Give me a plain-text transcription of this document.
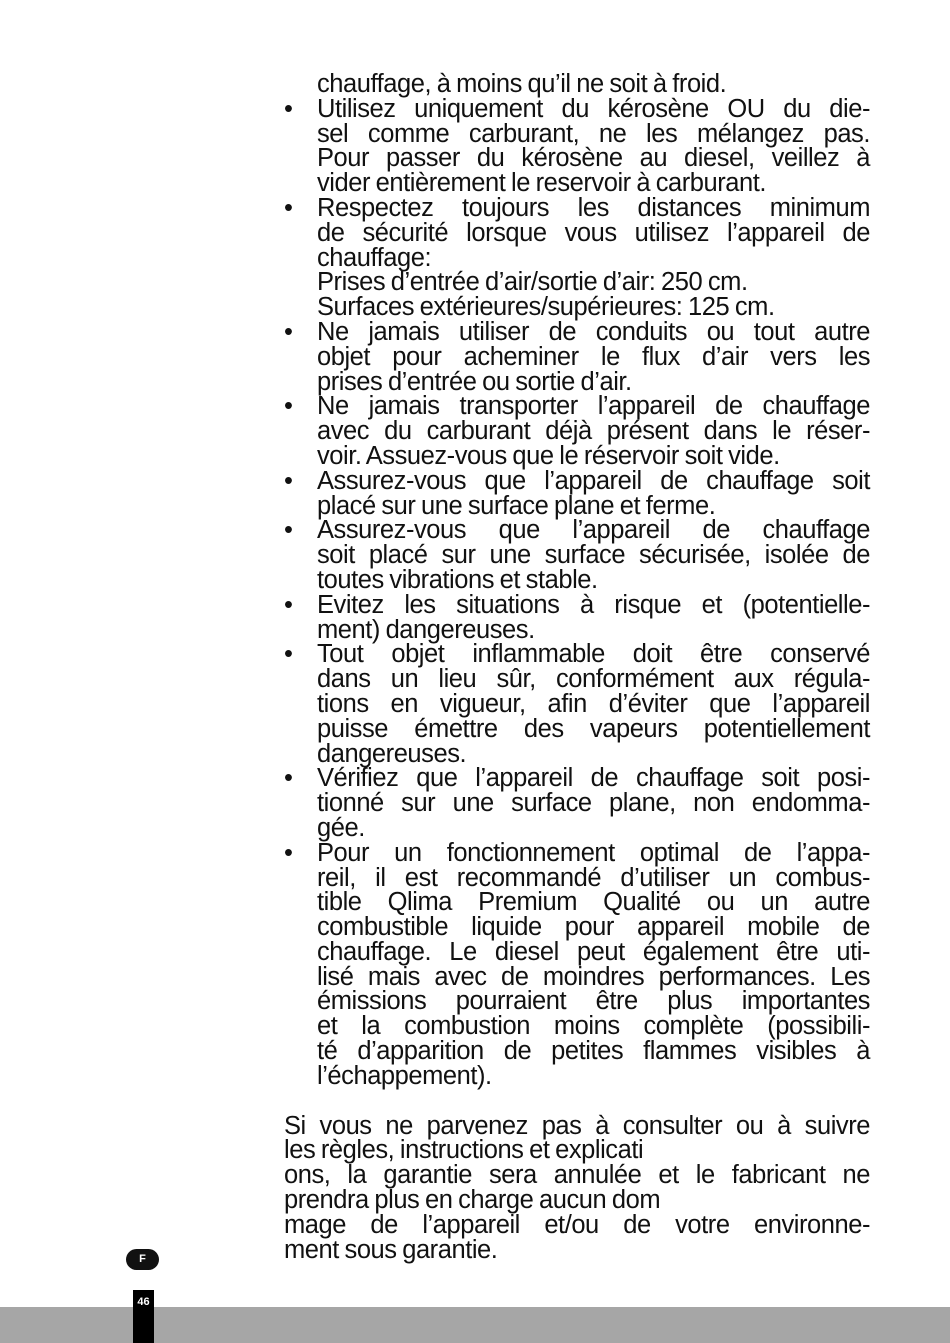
chauffage, à moins qu’il ne soit à froid.
• Utilisez uniquement du kérosène OU du die-
sel comme carburant, ne les mélangez pas.
Pour passer du kérosène au diesel, veillez à
vider entièrement le reservoir à carburant.
• Respectez toujours les distances minimum
de sécurité lorsque vous utilisez l’appareil de
chauffage:
Prises d’entrée d’air/sortie d’air: 250 cm.
Surfaces extérieures/supérieures: 125 cm.
• Ne jamais utiliser de conduits ou tout autre
objet pour acheminer le flux d’air vers les
prises d’entrée ou sortie d’air.
• Ne jamais transporter l’appareil de chauffage
avec du carburant déjà présent dans le réser-
voir. Assuez-vous que le réservoir soit vide.
• Assurez-vous que l’appareil de chauffage soit
placé sur une surface plane et ferme.
• Assurez-vous que l’appareil de chauffage
soit placé sur une surface sécurisée, isolée de
toutes vibrations et stable.
• Evitez les situations à risque et (potentielle-
ment) dangereuses.
• Tout objet inflammable doit être conservé
dans un lieu sûr, conformément aux régula-
tions en vigueur, afin d’éviter que l’appareil
puisse émettre des vapeurs potentiellement
dangereuses.
• Vérifiez que l’appareil de chauffage soit posi-
tionné sur une surface plane, non endomma-
gée.
• Pour un fonctionnement optimal de l’appa-
reil, il est recommandé d’utiliser un combus-
tible Qlima Premium Qualité ou un autre
combustible liquide pour appareil mobile de
chauffage. Le diesel peut également être uti-
lisé mais avec de moindres performances. Les
émissions pourraient être plus importantes
et la combustion moins complète (possibili-
té d’apparition de petites flammes visibles à
l’échappement).
Si vous ne parvenez pas à consulter ou à suivre
les règles, instructions et explicati
ons, la garantie sera annulée et le fabricant ne
prendra plus en charge aucun dom
mage de l’appareil et/ou de votre environne-
ment sous garantie.
F
46
